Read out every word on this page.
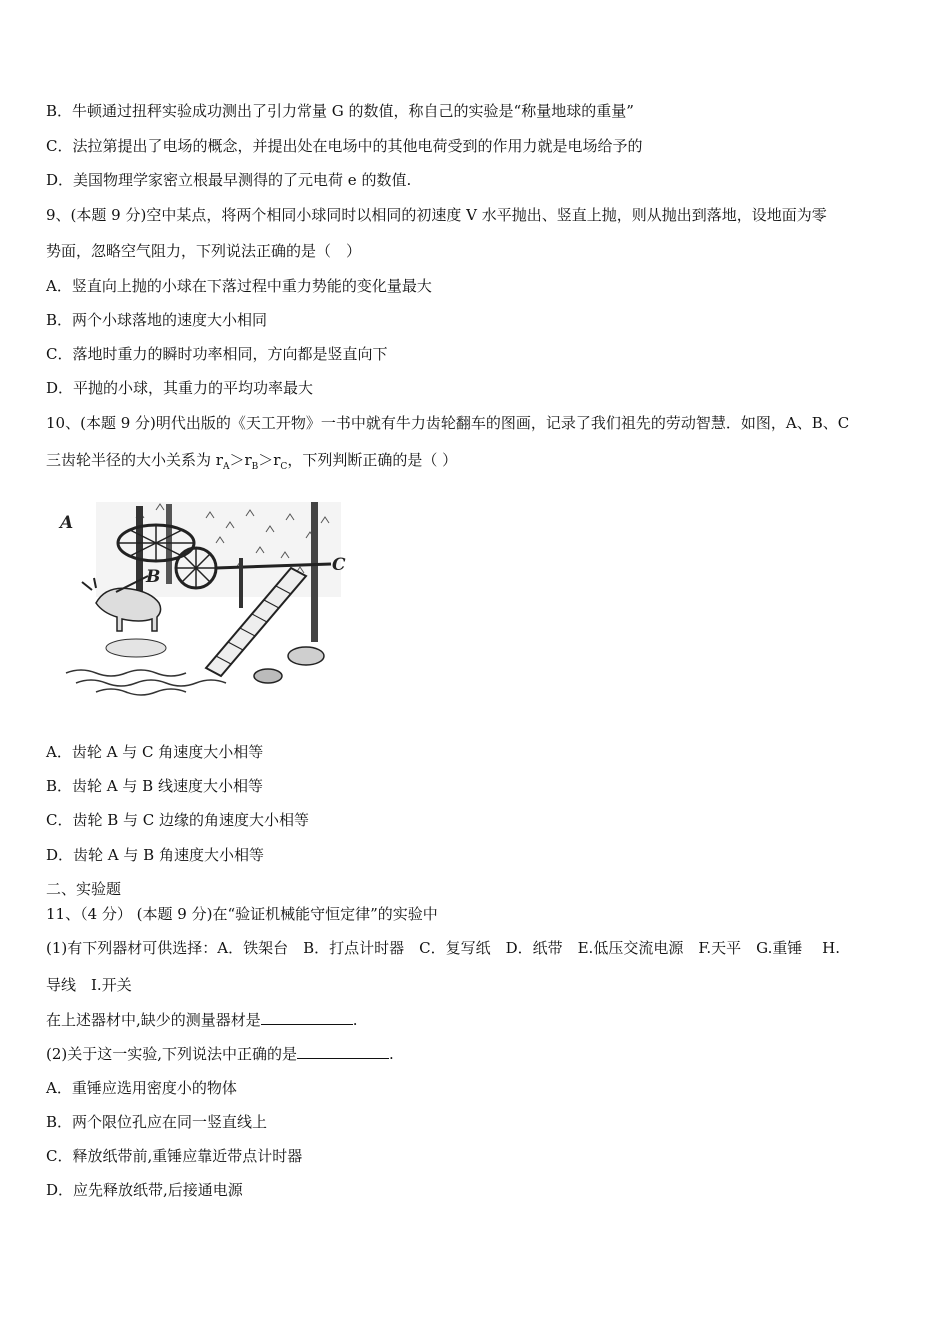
B．牛顿通过扭秤实验成功测出了引力常量 G 的数值，称自己的实验是“称量地球的重量”
C．法拉第提出了电场的概念，并提出处在电场中的其他电荷受到的作用力就是电场给予的
D．美国物理学家密立根最早测得的了元电荷 e 的数值.
9、(本题 9 分)空中某点，将两个相同小球同时以相同的初速度 V 水平抛出、竖直上抛，则从抛出到落地，设地面为零
势面，忽略空气阻力，下列说法正确的是（　）
A．竖直向上抛的小球在下落过程中重力势能的变化量最大
B．两个小球落地的速度大小相同
C．落地时重力的瞬时功率相同，方向都是竖直向下
D．平抛的小球，其重力的平均功率最大
10、(本题 9 分)明代出版的《天工开物》一书中就有牛力齿轮翻车的图画，记录了我们祖先的劳动智慧．如图，A、B、C
三齿轮半径的大小关系为 $r_A>r_B>r_C$，下列判断正确的是（ ）
A
B
C
A．齿轮 A 与 C 角速度大小相等
B．齿轮 A 与 B 线速度大小相等
C．齿轮 B 与 C 边缘的角速度大小相等
D．齿轮 A 与 B 角速度大小相等
二、实验题
11、（4 分） (本题 9 分)在“验证机械能守恒定律”的实验中
(1)有下列器材可供选择：A．铁架台　B．打点计时器　C．复写纸　D．纸带　E.低压交流电源　F.天平　G.重锤　 H.
导线　I.开关
在上述器材中,缺少的测量器材是	.
(2)关于这一实验,下列说法中正确的是	.
A．重锤应选用密度小的物体
B．两个限位孔应在同一竖直线上
C．释放纸带前,重锤应靠近带点计时器
D．应先释放纸带,后接通电源
